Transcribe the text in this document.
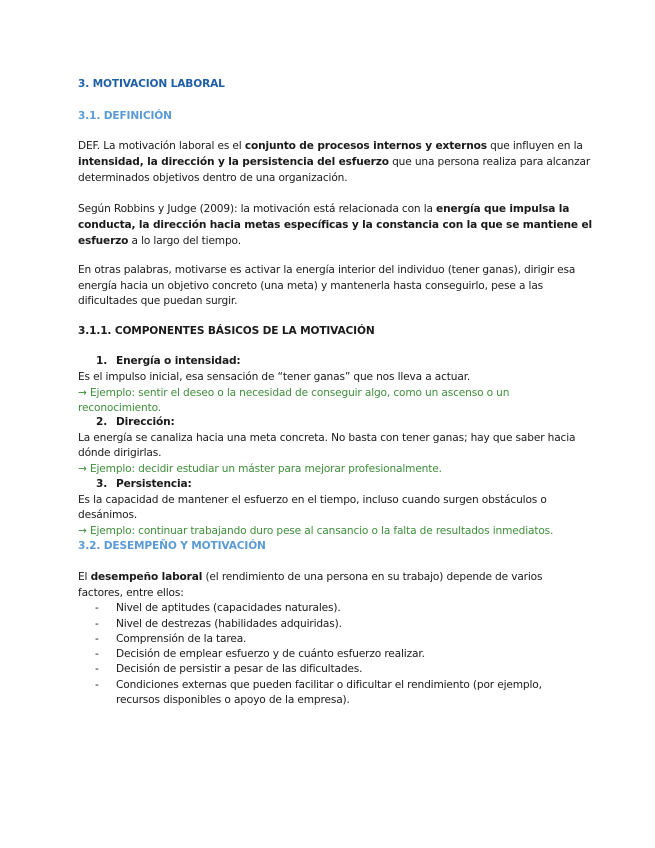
3. MOTIVACION LABORAL
3.1. DEFINICIÓN
DEF. La motivación laboral es el conjunto de procesos internos y externos que influyen en la
intensidad, la dirección y la persistencia del esfuerzo que una persona realiza para alcanzar
determinados objetivos dentro de una organización.
Según Robbins y Judge (2009): la motivación está relacionada con la energía que impulsa la
conducta, la dirección hacia metas específicas y la constancia con la que se mantiene el
esfuerzo a lo largo del tiempo.
En otras palabras, motivarse es activar la energía interior del individuo (tener ganas), dirigir esa
energía hacia un objetivo concreto (una meta) y mantenerla hasta conseguirlo, pese a las
dificultades que puedan surgir.
3.1.1. COMPONENTES BÁSICOS DE LA MOTIVACIÓN
1. Energía o intensidad:
Es el impulso inicial, esa sensación de “tener ganas” que nos lleva a actuar.
→ Ejemplo: sentir el deseo o la necesidad de conseguir algo, como un ascenso o un
reconocimiento.
2. Dirección:
La energía se canaliza hacia una meta concreta. No basta con tener ganas; hay que saber hacia
dónde dirigirlas.
→ Ejemplo: decidir estudiar un máster para mejorar profesionalmente.
3. Persistencia:
Es la capacidad de mantener el esfuerzo en el tiempo, incluso cuando surgen obstáculos o
desánimos.
→ Ejemplo: continuar trabajando duro pese al cansancio o la falta de resultados inmediatos.
3.2. DESEMPEÑO Y MOTIVACIÓN
El desempeño laboral (el rendimiento de una persona en su trabajo) depende de varios
factores, entre ellos:
- Nivel de aptitudes (capacidades naturales).
- Nivel de destrezas (habilidades adquiridas).
- Comprensión de la tarea.
- Decisión de emplear esfuerzo y de cuánto esfuerzo realizar.
- Decisión de persistir a pesar de las dificultades.
- Condiciones externas que pueden facilitar o dificultar el rendimiento (por ejemplo,
recursos disponibles o apoyo de la empresa).
